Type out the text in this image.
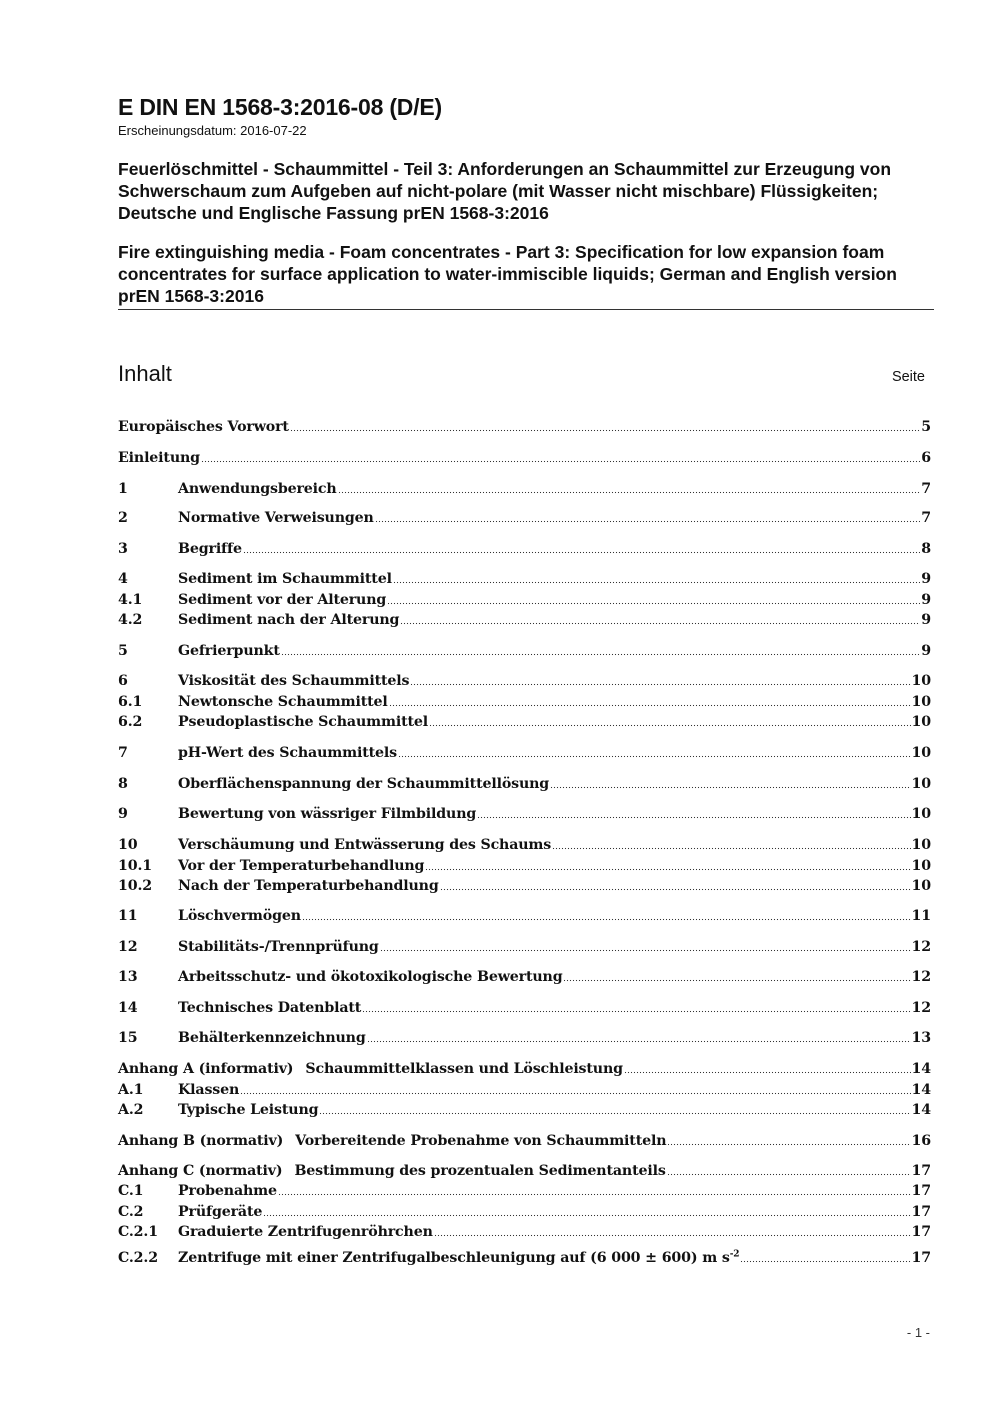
E DIN EN 1568-3:2016-08 (D/E)
Erscheinungsdatum: 2016-07-22
Feuerlöschmittel - Schaummittel - Teil 3: Anforderungen an Schaummittel zur Erzeugung von Schwerschaum zum Aufgeben auf nicht-polare (mit Wasser nicht mischbare) Flüssigkeiten; Deutsche und Englische Fassung prEN 1568-3:2016
Fire extinguishing media - Foam concentrates - Part 3: Specification for low expansion foam concentrates for surface application to water-immiscible liquids; German and English version prEN 1568-3:2016
Inhalt	Seite
Europäisches Vorwort	5
Einleitung	6
1	Anwendungsbereich	7
2	Normative Verweisungen	7
3	Begriffe	8
4	Sediment im Schaummittel	9
4.1	Sediment vor der Alterung	9
4.2	Sediment nach der Alterung	9
5	Gefrierpunkt	9
6	Viskosität des Schaummittels	10
6.1	Newtonsche Schaummittel	10
6.2	Pseudoplastische Schaummittel	10
7	pH-Wert des Schaummittels	10
8	Oberflächenspannung der Schaummittellösung	10
9	Bewertung von wässriger Filmbildung	10
10	Verschäumung und Entwässerung des Schaums	10
10.1	Vor der Temperaturbehandlung	10
10.2	Nach der Temperaturbehandlung	10
11	Löschvermögen	11
12	Stabilitäts-/Trennprüfung	12
13	Arbeitsschutz- und ökotoxikologische Bewertung	12
14	Technisches Datenblatt	12
15	Behälterkennzeichnung	13
Anhang A (informativ) Schaummittelklassen und Löschleistung	14
A.1	Klassen	14
A.2	Typische Leistung	14
Anhang B (normativ) Vorbereitende Probenahme von Schaummitteln	16
Anhang C (normativ) Bestimmung des prozentualen Sedimentanteils	17
C.1	Probenahme	17
C.2	Prüfgeräte	17
C.2.1	Graduierte Zentrifugenröhrchen	17
C.2.2	Zentrifuge mit einer Zentrifugalbeschleunigung auf (6 000 ± 600) m $s^{-2}$	17
- 1 -
